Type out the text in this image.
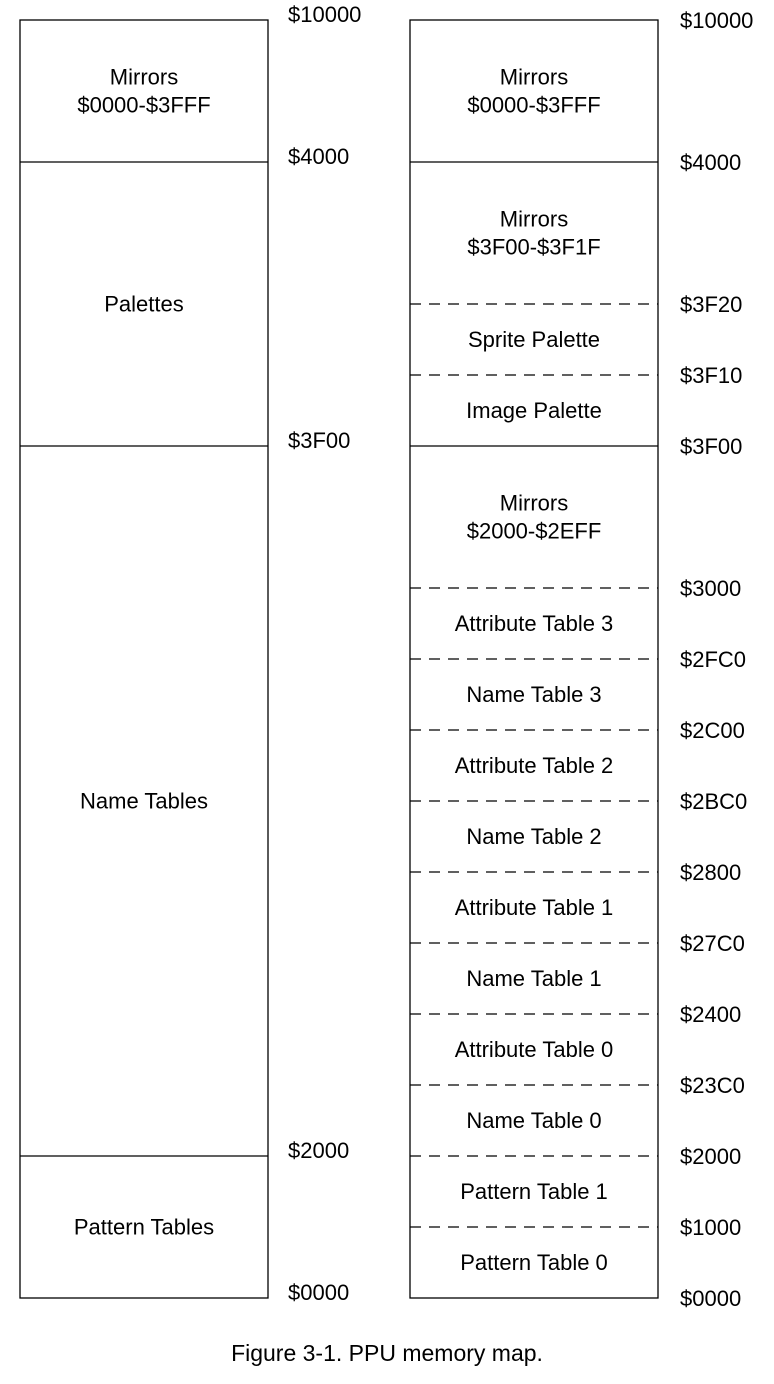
$10000
Mirrors
$0000-$3FFF
$4000
Palettes
$3F00
Name Tables
$2000
Pattern Tables
$0000
$10000
Mirrors
$0000-$3FFF
$4000
Mirrors
$3F00-$3F1F
$3F20
Sprite Palette
$3F10
Image Palette
$3F00
Mirrors
$2000-$2EFF
$3000
Attribute Table 3
$2FC0
Name Table 3
$2C00
Attribute Table 2
$2BC0
Name Table 2
$2800
Attribute Table 1
$27C0
Name Table 1
$2400
Attribute Table 0
$23C0
Name Table 0
$2000
Pattern Table 1
$1000
Pattern Table 0
$0000
Figure 3-1. PPU memory map.
